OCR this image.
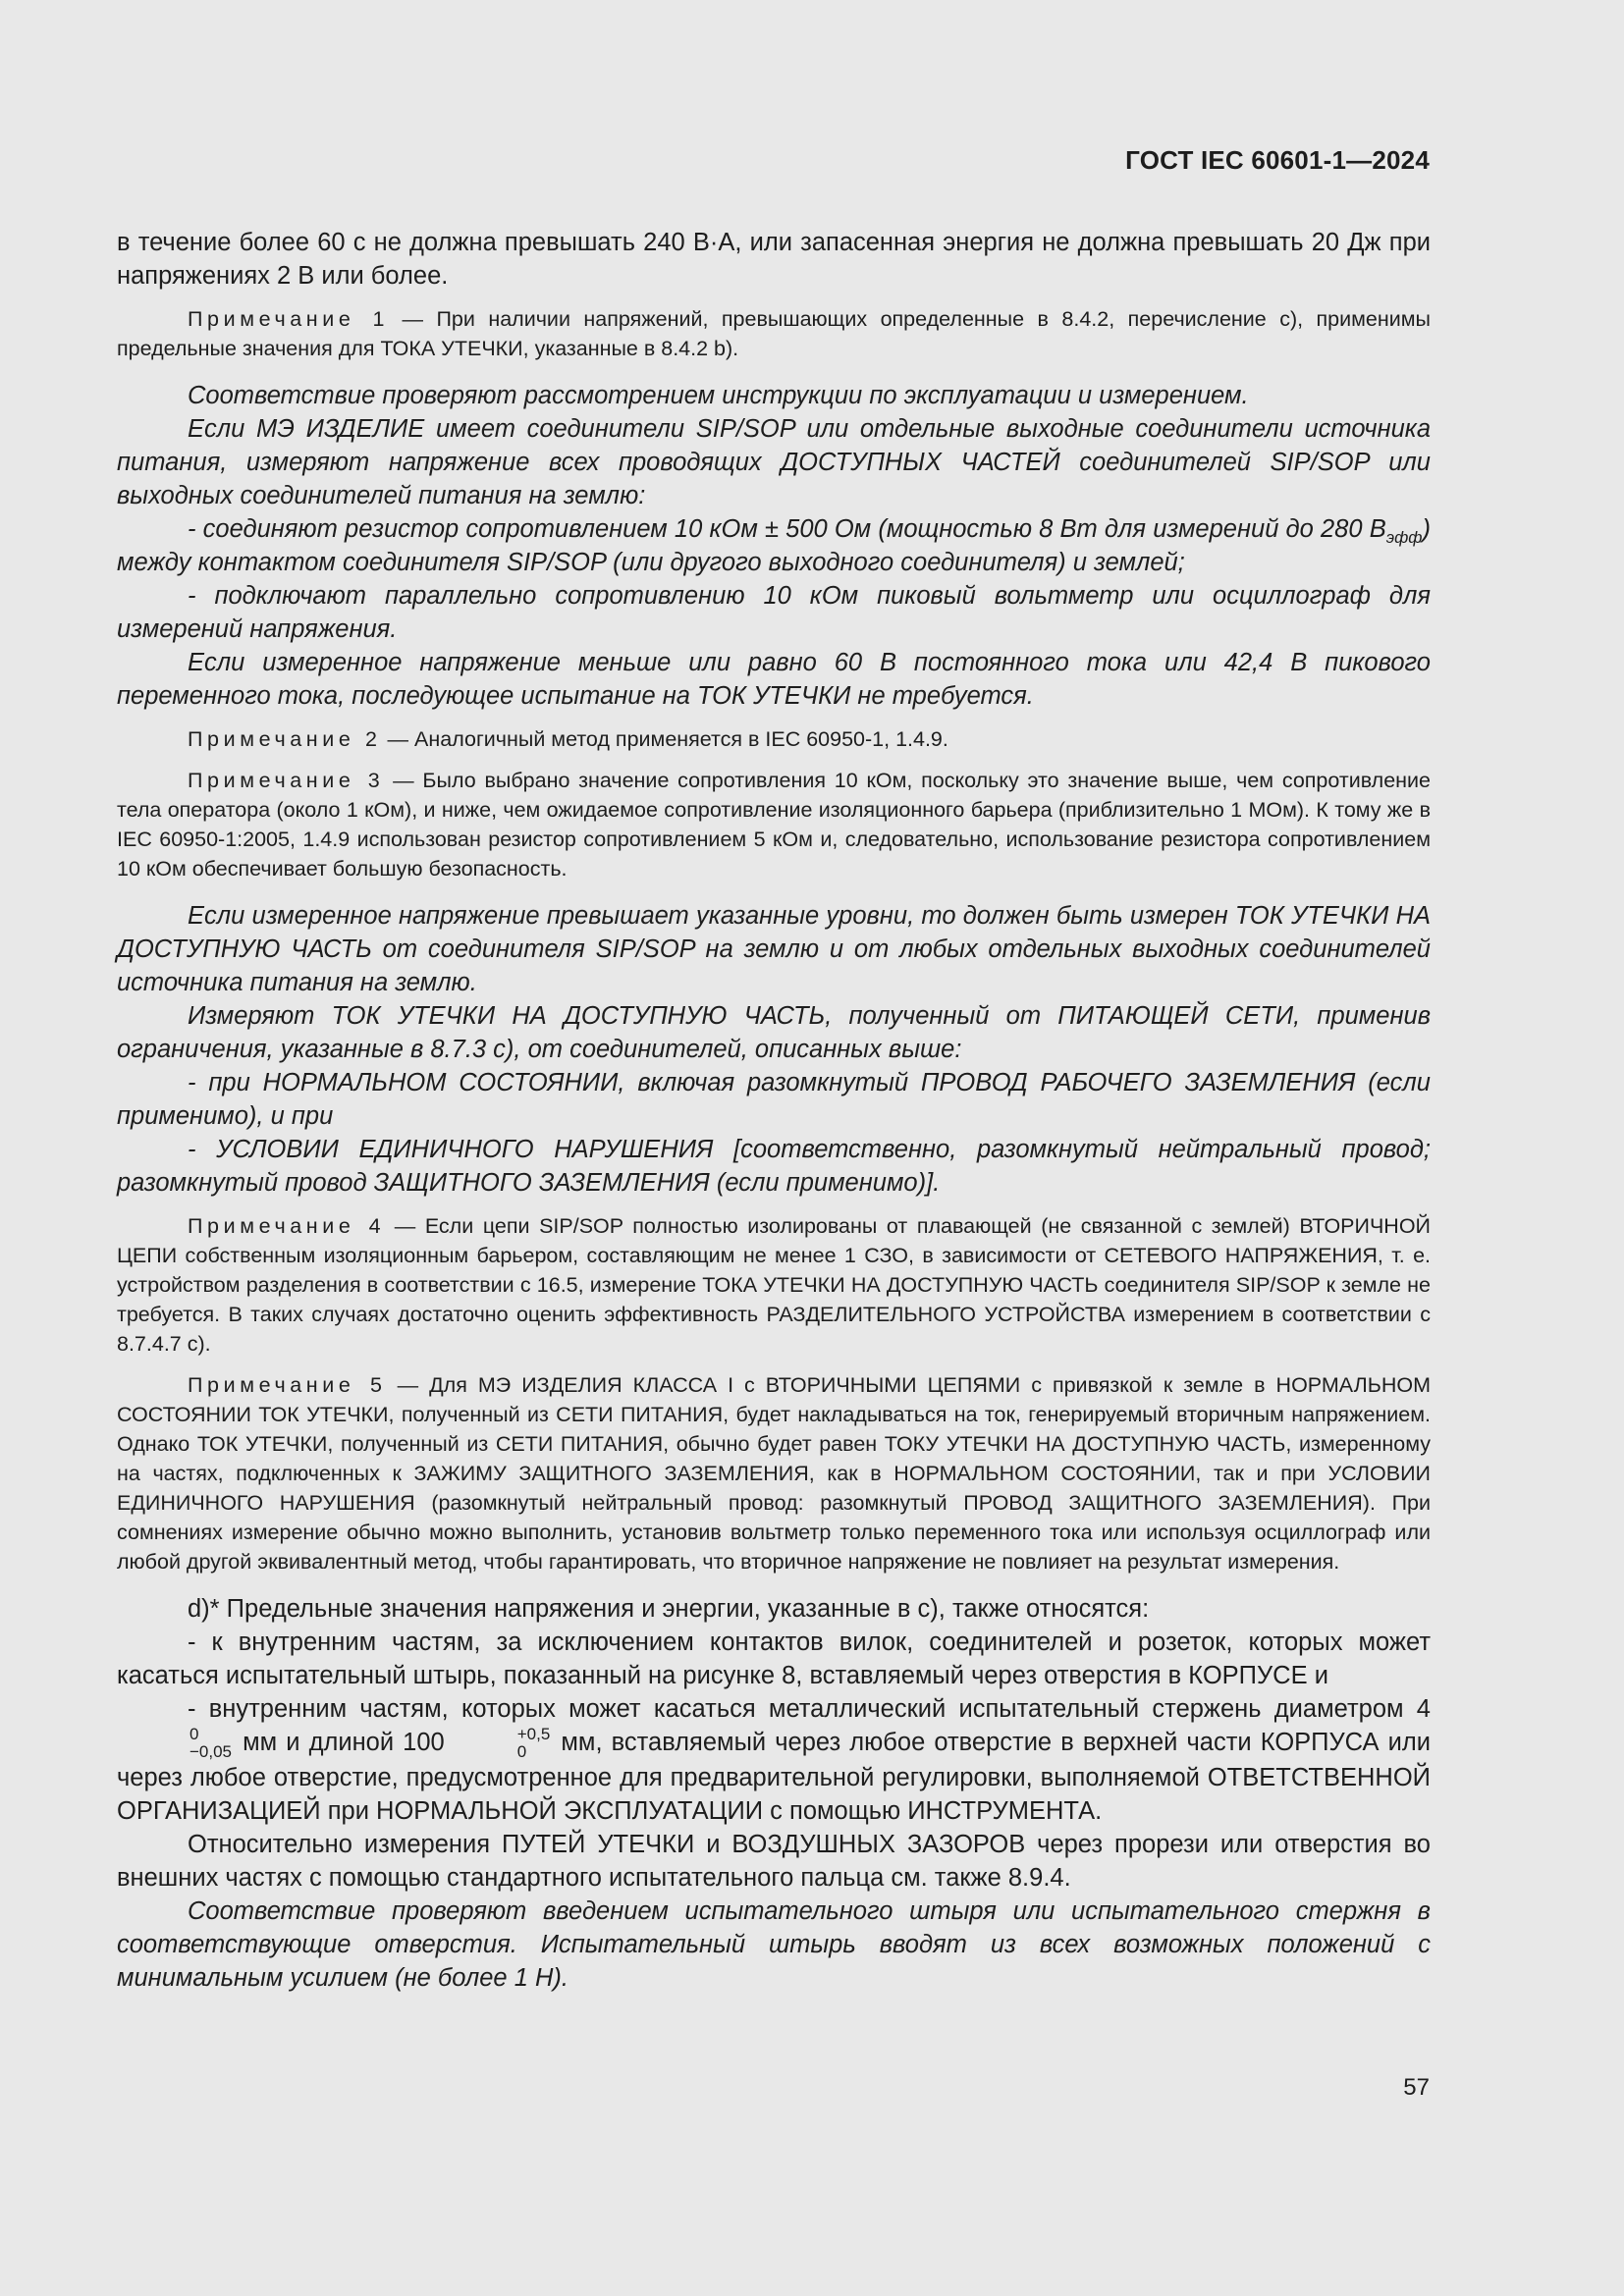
ГОСТ IEC 60601-1—2024

в течение более 60 с не должна превышать 240 В·А, или запасенная энергия не должна превышать 20 Дж при напряжениях 2 В или более.

Примечание 1 — При наличии напряжений, превышающих определенные в 8.4.2, перечисление с), применимы предельные значения для ТОКА УТЕЧКИ, указанные в 8.4.2 b).

Соответствие проверяют рассмотрением инструкции по эксплуатации и измерением.

Если МЭ ИЗДЕЛИЕ имеет соединители SIP/SOP или отдельные выходные соединители источника питания, измеряют напряжение всех проводящих ДОСТУПНЫХ ЧАСТЕЙ соединителей SIP/SOP или выходных соединителей питания на землю:

- соединяют резистор сопротивлением 10 кОм ± 500 Ом (мощностью 8 Вт для измерений до 280 $В_{эфф}$) между контактом соединителя SIP/SOP (или другого выходного соединителя) и землей;

- подключают параллельно сопротивлению 10 кОм пиковый вольтметр или осциллограф для измерений напряжения.

Если измеренное напряжение меньше или равно 60 В постоянного тока или 42,4 В пикового переменного тока, последующее испытание на ТОК УТЕЧКИ не требуется.

Примечание 2 — Аналогичный метод применяется в IEC 60950-1, 1.4.9.

Примечание 3 — Было выбрано значение сопротивления 10 кОм, поскольку это значение выше, чем сопротивление тела оператора (около 1 кОм), и ниже, чем ожидаемое сопротивление изоляционного барьера (приблизительно 1 МОм). К тому же в IEC 60950-1:2005, 1.4.9 использован резистор сопротивлением 5 кОм и, следовательно, использование резистора сопротивлением 10 кОм обеспечивает большую безопасность.

Если измеренное напряжение превышает указанные уровни, то должен быть измерен ТОК УТЕЧКИ НА ДОСТУПНУЮ ЧАСТЬ от соединителя SIP/SOP на землю и от любых отдельных выходных соединителей источника питания на землю.

Измеряют ТОК УТЕЧКИ НА ДОСТУПНУЮ ЧАСТЬ, полученный от ПИТАЮЩЕЙ СЕТИ, применив ограничения, указанные в 8.7.3 с), от соединителей, описанных выше:

- при НОРМАЛЬНОМ СОСТОЯНИИ, включая разомкнутый ПРОВОД РАБОЧЕГО ЗАЗЕМЛЕНИЯ (если применимо), и при

- УСЛОВИИ ЕДИНИЧНОГО НАРУШЕНИЯ [соответственно, разомкнутый нейтральный провод; разомкнутый провод ЗАЩИТНОГО ЗАЗЕМЛЕНИЯ (если применимо)].

Примечание 4 — Если цепи SIP/SOP полностью изолированы от плавающей (не связанной с землей) ВТОРИЧНОЙ ЦЕПИ собственным изоляционным барьером, составляющим не менее 1 СЗО, в зависимости от СЕТЕВОГО НАПРЯЖЕНИЯ, т. е. устройством разделения в соответствии с 16.5, измерение ТОКА УТЕЧКИ НА ДОСТУПНУЮ ЧАСТЬ соединителя SIP/SOP к земле не требуется. В таких случаях достаточно оценить эффективность РАЗДЕЛИТЕЛЬНОГО УСТРОЙСТВА измерением в соответствии с 8.7.4.7 с).

Примечание 5 — Для МЭ ИЗДЕЛИЯ КЛАССА I с ВТОРИЧНЫМИ ЦЕПЯМИ с привязкой к земле в НОРМАЛЬНОМ СОСТОЯНИИ ТОК УТЕЧКИ, полученный из СЕТИ ПИТАНИЯ, будет накладываться на ток, генерируемый вторичным напряжением. Однако ТОК УТЕЧКИ, полученный из СЕТИ ПИТАНИЯ, обычно будет равен ТОКУ УТЕЧКИ НА ДОСТУПНУЮ ЧАСТЬ, измеренному на частях, подключенных к ЗАЖИМУ ЗАЩИТНОГО ЗАЗЕМЛЕНИЯ, как в НОРМАЛЬНОМ СОСТОЯНИИ, так и при УСЛОВИИ ЕДИНИЧНОГО НАРУШЕНИЯ (разомкнутый нейтральный провод: разомкнутый ПРОВОД ЗАЩИТНОГО ЗАЗЕМЛЕНИЯ). При сомнениях измерение обычно можно выполнить, установив вольтметр только переменного тока или используя осциллограф или любой другой эквивалентный метод, чтобы гарантировать, что вторичное напряжение не повлияет на результат измерения.

d)* Предельные значения напряжения и энергии, указанные в с), также относятся:

- к внутренним частям, за исключением контактов вилок, соединителей и розеток, которых может касаться испытательный штырь, показанный на рисунке 8, вставляемый через отверстия в КОРПУСЕ и

- внутренним частям, которых может касаться металлический испытательный стержень диаметром 4
0
−0,05 мм и длиной 100	+0,5
0	мм, вставляемый через любое отверстие в верхней части КОРПУСА или через любое отверстие, предусмотренное для предварительной регулировки, выполняемой ОТВЕТСТВЕННОЙ ОРГАНИЗАЦИЕЙ при НОРМАЛЬНОЙ ЭКСПЛУАТАЦИИ с помощью ИНСТРУМЕНТА.

Относительно измерения ПУТЕЙ УТЕЧКИ и ВОЗДУШНЫХ ЗАЗОРОВ через прорези или отверстия во внешних частях с помощью стандартного испытательного пальца см. также 8.9.4.

Соответствие проверяют введением испытательного штыря или испытательного стержня в соответствующие отверстия. Испытательный штырь вводят из всех возможных положений с минимальным усилием (не более 1 Н).

57
